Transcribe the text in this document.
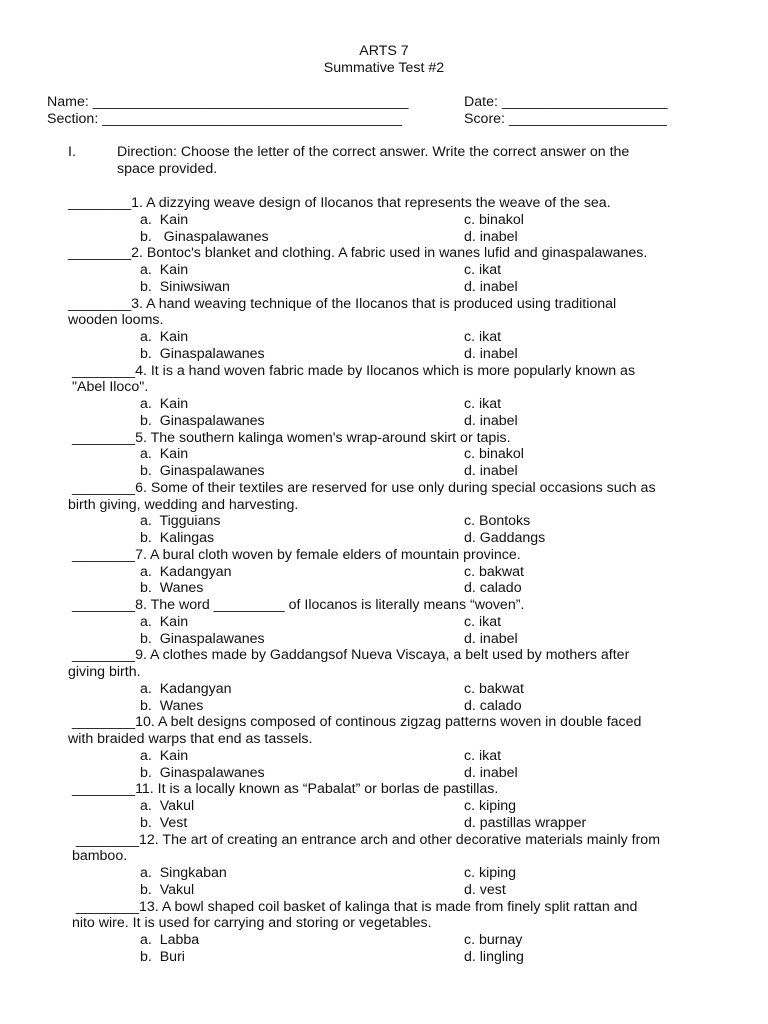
ARTS 7
Summative Test #2
Name: ________________________________________	Date: _____________________
Section: ______________________________________	Score: ____________________
I.	Direction: Choose the letter of the correct answer. Write the correct answer on the
space provided.
________1. A dizzying weave design of Ilocanos that represents the weave of the sea.
a.  Kain	c. binakol
b.   Ginaspalawanes	d. inabel
________2. Bontoc's blanket and clothing. A fabric used in wanes lufid and ginaspalawanes.
a.  Kain	c. ikat
b.  Siniwsiwan	d. inabel
________3. A hand weaving technique of the Ilocanos that is produced using traditional
wooden looms.
a.  Kain	c. ikat
b.  Ginaspalawanes	d. inabel
________4. It is a hand woven fabric made by Ilocanos which is more popularly known as
"Abel Iloco".
a.  Kain	c. ikat
b.  Ginaspalawanes	d. inabel
________5. The southern kalinga women's wrap-around skirt or tapis.
a.  Kain	c. binakol
b.  Ginaspalawanes	d. inabel
________6. Some of their textiles are reserved for use only during special occasions such as
birth giving, wedding and harvesting.
a.  Tigguians	c. Bontoks
b.  Kalingas	d. Gaddangs
________7. A bural cloth woven by female elders of mountain province.
a.  Kadangyan	c. bakwat
b.  Wanes	d. calado
________8. The word _________ of Ilocanos is literally means “woven”.
a.  Kain	c. ikat
b.  Ginaspalawanes	d. inabel
________9. A clothes made by Gaddangsof Nueva Viscaya, a belt used by mothers after
giving birth.
a.  Kadangyan	c. bakwat
b.  Wanes	d. calado
________10. A belt designs composed of continous zigzag patterns woven in double faced
with braided warps that end as tassels.
a.  Kain	c. ikat
b.  Ginaspalawanes	d. inabel
________11. It is a locally known as “Pabalat” or borlas de pastillas.
a.  Vakul	c. kiping
b.  Vest	d. pastillas wrapper
________12. The art of creating an entrance arch and other decorative materials mainly from
bamboo.
a.  Singkaban	c. kiping
b.  Vakul	d. vest
________13. A bowl shaped coil basket of kalinga that is made from finely split rattan and
nito wire. It is used for carrying and storing or vegetables.
a.  Labba	c. burnay
b.  Buri	d. lingling
